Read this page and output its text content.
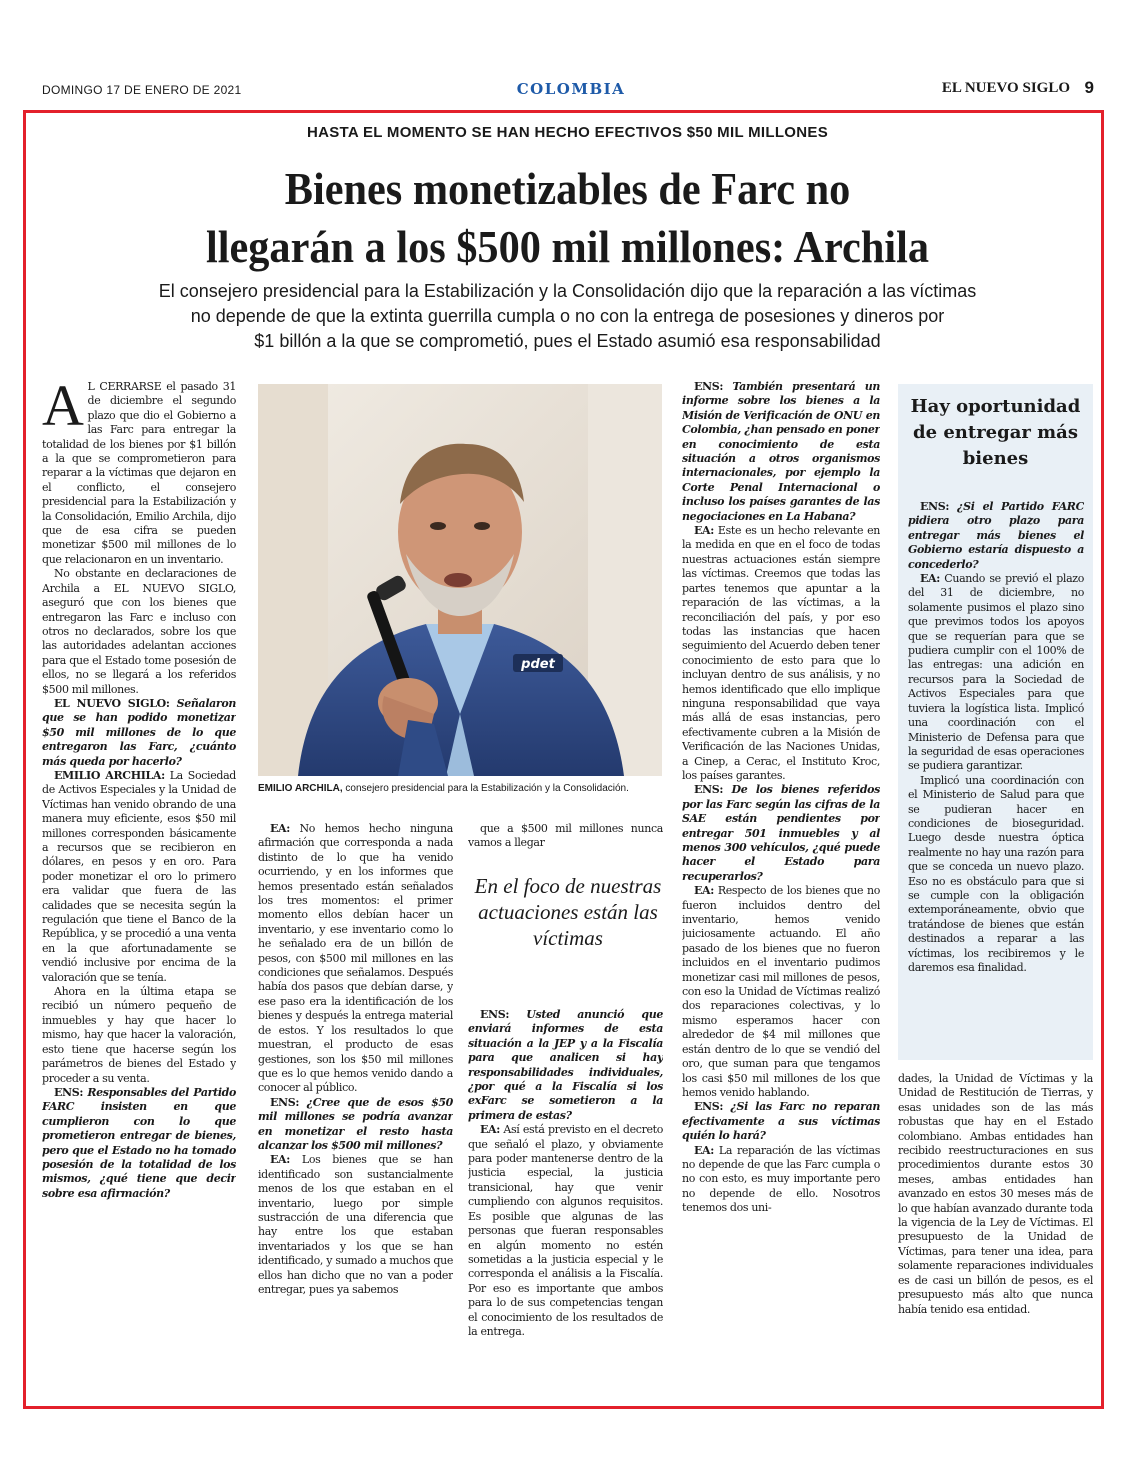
DOMINGO 17 DE ENERO DE 2021	COLOMBIA	EL NUEVO SIGLO 9
HASTA EL MOMENTO SE HAN HECHO EFECTIVOS $50 MIL MILLONES
Bienes monetizables de Farc no
llegarán a los $500 mil millones: Archila
El consejero presidencial para la Estabilización y la Consolidación dijo que la reparación a las víctimas
no depende de que la extinta guerrilla cumpla o no con la entrega de posesiones y dineros por
$1 billón a la que se comprometió, pues el Estado asumió esa responsabilidad

A L CERRARSE el pasado 31 de diciembre el segundo plazo que dio el Gobierno a las Farc para entregar la totalidad de los bienes por $1 billón a la que se comprometieron para reparar a la víctimas que dejaron en el conflicto, el consejero presidencial para la Estabilización y la Consolidación, Emilio Archila, dijo que de esa cifra se pueden monetizar $500 mil millones de lo que relacionaron en un inventario.

No obstante en declaraciones de Archila a EL NUEVO SIGLO, aseguró que con los bienes que entregaron las Farc e incluso con otros no declarados, sobre los que las autoridades adelantan acciones para que el Estado tome posesión de ellos, no se llegará a los referidos $500 mil millones.

EL NUEVO SIGLO: Señalaron que se han podido monetizar $50 mil millones de lo que entregaron las Farc, ¿cuánto más queda por hacerlo?

EMILIO ARCHILA: La Sociedad de Activos Especiales y la Unidad de Víctimas han venido obrando de una manera muy eficiente, esos $50 mil millones corresponden básicamente a recursos que se recibieron en dólares, en pesos y en oro. Para poder monetizar el oro lo primero era validar que fuera de las calidades que se necesita según la regulación que tiene el Banco de la República, y se procedió a una venta en la que afortunadamente se vendió inclusive por encima de la valoración que se tenía.

Ahora en la última etapa se recibió un número pequeño de inmuebles y hay que hacer lo mismo, hay que hacer la valoración, esto tiene que hacerse según los parámetros de bienes del Estado y proceder a su venta.

ENS: Responsables del Partido FARC insisten en que cumplieron con lo que prometieron entregar de bienes, pero que el Estado no ha tomado posesión de la totalidad de los mismos, ¿qué tiene que decir sobre esa afirmación?

pdet
EMILIO ARCHILA, consejero presidencial para la Estabilización y la Consolidación.

EA: No hemos hecho ninguna afirmación que corresponda a nada distinto de lo que ha venido ocurriendo, y en los informes que hemos presentado están señalados los tres momentos: el primer momento ellos debían hacer un inventario, y ese inventario como lo he señalado era de un billón de pesos, con $500 mil millones en las condiciones que señalamos. Después había dos pasos que debían darse, y ese paso era la identificación de los bienes y después la entrega material de estos. Y los resultados lo que muestran, el producto de esas gestiones, son los $50 mil millones que es lo que hemos venido dando a conocer al público.

ENS: ¿Cree que de esos $50 mil millones se podría avanzar en monetizar el resto hasta alcanzar los $500 mil millones?

EA: Los bienes que se han identificado son sustancialmente menos de los que estaban en el inventario, luego por simple sustracción de una diferencia que hay entre los que estaban inventariados y los que se han identificado, y sumado a muchos que ellos han dicho que no van a poder entregar, pues ya sabemos

que a $500 mil millones nunca vamos a llegar

En el foco de nuestras actuaciones están las víctimas

ENS: Usted anunció que enviará informes de esta situación a la JEP y a la Fiscalía para que analicen si hay responsabilidades individuales, ¿por qué a la Fiscalía si los exFarc se sometieron a la primera de estas?

EA: Así está previsto en el decreto que señaló el plazo, y obviamente para poder mantenerse dentro de la justicia especial, la justicia transicional, hay que venir cumpliendo con algunos requisitos. Es posible que algunas de las personas que fueran responsables en algún momento no estén sometidas a la justicia especial y le corresponda el análisis a la Fiscalía. Por eso es importante que ambos para lo de sus competencias tengan el conocimiento de los resultados de la entrega.

ENS: También presentará un informe sobre los bienes a la Misión de Verificación de ONU en Colombia, ¿han pensado en poner en conocimiento de esta situación a otros organismos internacionales, por ejemplo la Corte Penal Internacional o incluso los países garantes de las negociaciones en La Habana?

EA: Este es un hecho relevante en la medida en que en el foco de todas nuestras actuaciones están siempre las víctimas. Creemos que todas las partes tenemos que apuntar a la reparación de las víctimas, a la reconciliación del país, y por eso todas las instancias que hacen seguimiento del Acuerdo deben tener conocimiento de esto para que lo incluyan dentro de sus análisis, y no hemos identificado que ello implique ninguna responsabilidad que vaya más allá de esas instancias, pero efectivamente cubren a la Misión de Verificación de las Naciones Unidas, a Cinep, a Cerac, el Instituto Kroc, los países garantes.

ENS: De los bienes referidos por las Farc según las cifras de la SAE están pendientes por entregar 501 inmuebles y al menos 300 vehículos, ¿qué puede hacer el Estado para recuperarlos?

EA: Respecto de los bienes que no fueron incluidos dentro del inventario, hemos venido juiciosamente actuando. El año pasado de los bienes que no fueron incluidos en el inventario pudimos monetizar casi mil millones de pesos, con eso la Unidad de Víctimas realizó dos reparaciones colectivas, y lo mismo esperamos hacer con alrededor de $4 mil millones que están dentro de lo que se vendió del oro, que suman para que tengamos los casi $50 mil millones de los que hemos venido hablando.

ENS: ¿Si las Farc no reparan efectivamente a sus víctimas quién lo hará?

EA: La reparación de las víctimas no depende de que las Farc cumpla o no con esto, es muy importante pero no depende de ello. Nosotros tenemos dos uni-

Hay oportunidad de entregar más bienes

ENS: ¿Si el Partido FARC pidiera otro plazo para entregar más bienes el Gobierno estaría dispuesto a concederlo?

EA: Cuando se previó el plazo del 31 de diciembre, no solamente pusimos el plazo sino que previmos todos los apoyos que se requerían para que se pudiera cumplir con el 100% de las entregas: una adición en recursos para la Sociedad de Activos Especiales para que tuviera la logística lista. Implicó una coordinación con el Ministerio de Defensa para que la seguridad de esas operaciones se pudiera garantizar.

Implicó una coordinación con el Ministerio de Salud para que se pudieran hacer en condiciones de bioseguridad. Luego desde nuestra óptica realmente no hay una razón para que se conceda un nuevo plazo. Eso no es obstáculo para que si se cumple con la obligación extemporáneamente, obvio que tratándose de bienes que están destinados a reparar a las víctimas, los recibiremos y le daremos esa finalidad.

dades, la Unidad de Víctimas y la Unidad de Restitución de Tierras, y esas unidades son de las más robustas que hay en el Estado colombiano. Ambas entidades han recibido reestructuraciones en sus procedimientos durante estos 30 meses, ambas entidades han avanzado en estos 30 meses más de lo que habían avanzado durante toda la vigencia de la Ley de Víctimas. El presupuesto de la Unidad de Víctimas, para tener una idea, para solamente reparaciones individuales es de casi un billón de pesos, es el presupuesto más alto que nunca había tenido esa entidad.
